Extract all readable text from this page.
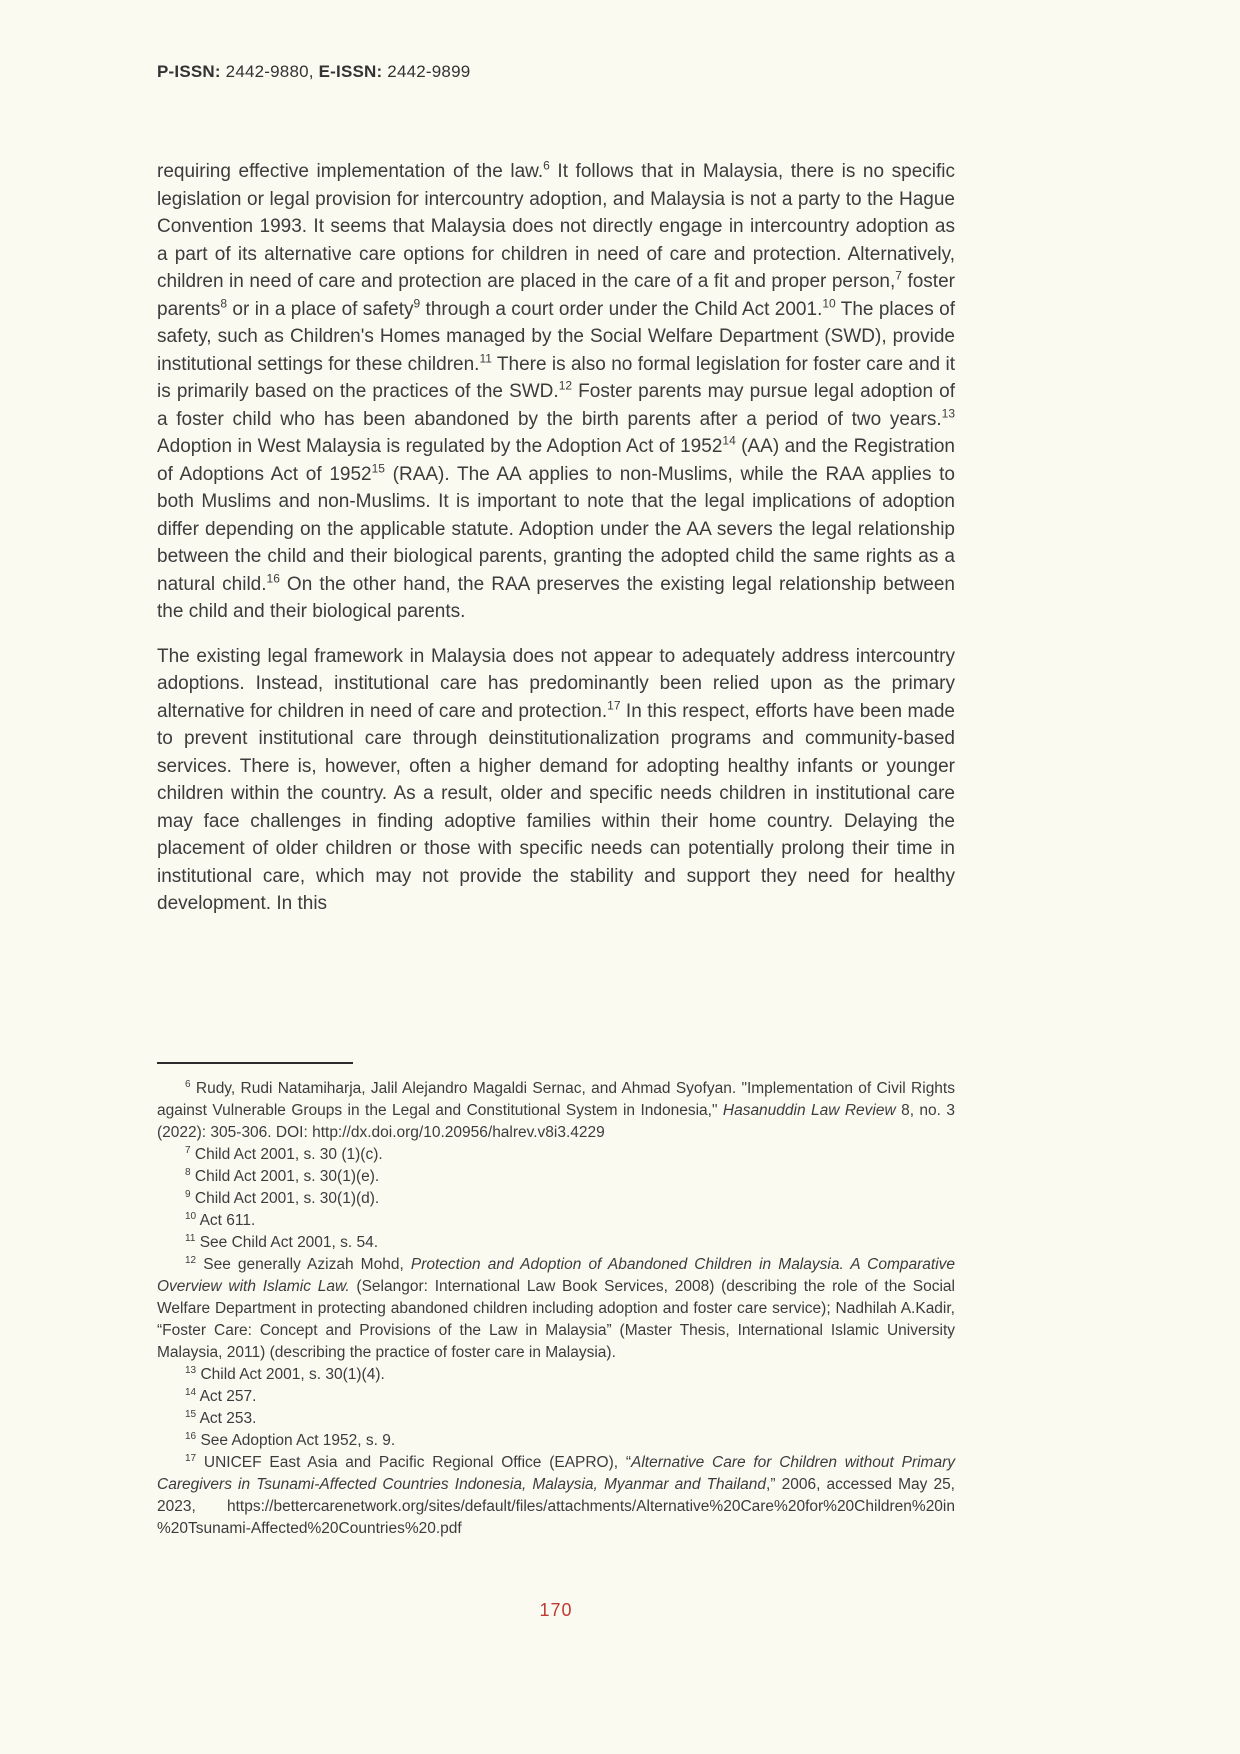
P-ISSN: 2442-9880, E-ISSN: 2442-9899

requiring effective implementation of the law.$^6$ It follows that in Malaysia, there is no specific legislation or legal provision for intercountry adoption, and Malaysia is not a party to the Hague Convention 1993. It seems that Malaysia does not directly engage in intercountry adoption as a part of its alternative care options for children in need of care and protection. Alternatively, children in need of care and protection are placed in the care of a fit and proper person,$^7$ foster parents$^8$ or in a place of safety$^9$ through a court order under the Child Act 2001.10 The places of safety, such as Children's Homes managed by the Social Welfare Department (SWD), provide institutional settings for these children.$^{11}$ There is also no formal legislation for foster care and it is primarily based on the practices of the SWD.$^{12}$ Foster parents may pursue legal adoption of a foster child who has been abandoned by the birth parents after a period of two years.$^{13}$ Adoption in West Malaysia is regulated by the Adoption Act of 1952$^{14}$ (AA) and the Registration of Adoptions Act of 1952$^{15}$ (RAA). The AA applies to non-Muslims, while the RAA applies to both Muslims and non-Muslims. It is important to note that the legal implications of adoption differ depending on the applicable statute. Adoption under the AA severs the legal relationship between the child and their biological parents, granting the adopted child the same rights as a natural child.$^{16}$ On the other hand, the RAA preserves the existing legal relationship between the child and their biological parents.

The existing legal framework in Malaysia does not appear to adequately address intercountry adoptions. Instead, institutional care has predominantly been relied upon as the primary alternative for children in need of care and protection.$^{17}$ In this respect, efforts have been made to prevent institutional care through deinstitutionalization programs and community-based services. There is, however, often a higher demand for adopting healthy infants or younger children within the country. As a result, older and specific needs children in institutional care may face challenges in finding adoptive families within their home country. Delaying the placement of older children or those with specific needs can potentially prolong their time in institutional care, which may not provide the stability and support they need for healthy development. In this

$^6$ Rudy, Rudi Natamiharja, Jalil Alejandro Magaldi Sernac, and Ahmad Syofyan. "Implementation of Civil Rights against Vulnerable Groups in the Legal and Constitutional System in Indonesia," Hasanuddin Law Review 8, no. 3 (2022): 305-306. DOI: http://dx.doi.org/10.20956/halrev.v8i3.4229

$^7$ Child Act 2001, s. 30 (1)(c).

$^8$ Child Act 2001, s. 30(1)(e).

$^9$ Child Act 2001, s. 30(1)(d).

$^{10}$ Act 611.

$^{11}$ See Child Act 2001, s. 54.

$^{12}$ See generally Azizah Mohd, Protection and Adoption of Abandoned Children in Malaysia. A Comparative Overview with Islamic Law. (Selangor: International Law Book Services, 2008) (describing the role of the Social Welfare Department in protecting abandoned children including adoption and foster care service); Nadhilah A.Kadir, “Foster Care: Concept and Provisions of the Law in Malaysia” (Master Thesis, International Islamic University Malaysia, 2011) (describing the practice of foster care in Malaysia).

$^{13}$ Child Act 2001, s. 30(1)(4).

$^{14}$ Act 257.

$^{15}$ Act 253.

$^{16}$ See Adoption Act 1952, s. 9.

$^{17}$ UNICEF East Asia and Pacific Regional Office (EAPRO), “Alternative Care for Children without Primary Caregivers in Tsunami-Affected Countries Indonesia, Malaysia, Myanmar and Thailand,” 2006, accessed May 25, 2023, https://bettercarenetwork.org/sites/default/files/attachments/Alternative%20Care%20for%20Children%20in %20Tsunami-Affected%20Countries%20.pdf

170
